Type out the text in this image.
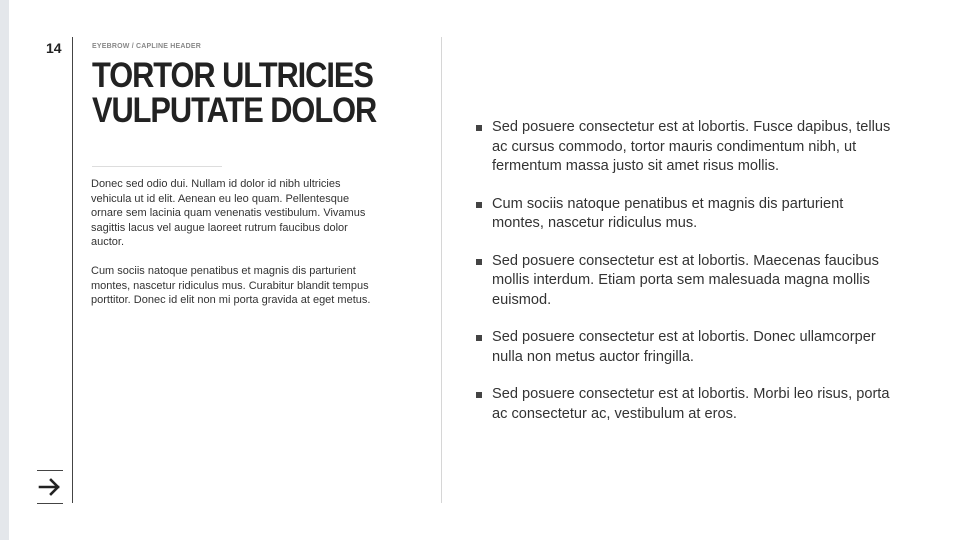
14	EYEBROW / CAPLINE HEADER
TORTOR ULTRICIES
VULPUTATE DOLOR

Donec sed odio dui. Nullam id dolor id nibh ultricies vehicula ut id elit. Aenean eu leo quam. Pellentesque ornare sem lacinia quam venenatis vestibulum. Vivamus sagittis lacus vel augue laoreet rutrum faucibus dolor auctor.

Cum sociis natoque penatibus et magnis dis parturient montes, nascetur ridiculus mus. Curabitur blandit tempus porttitor. Donec id elit non mi porta gravida at eget metus.

Sed posuere consectetur est at lobortis. Fusce dapibus, tellus ac cursus commodo, tortor mauris condimentum nibh, ut fermentum massa justo sit amet risus mollis.
Cum sociis natoque penatibus et magnis dis parturient montes, nascetur ridiculus mus.
Sed posuere consectetur est at lobortis. Maecenas faucibus mollis interdum. Etiam porta sem malesuada magna mollis euismod.
Sed posuere consectetur est at lobortis. Donec ullamcorper nulla non metus auctor fringilla.
Sed posuere consectetur est at lobortis. Morbi leo risus, porta ac consectetur ac, vestibulum at eros.
